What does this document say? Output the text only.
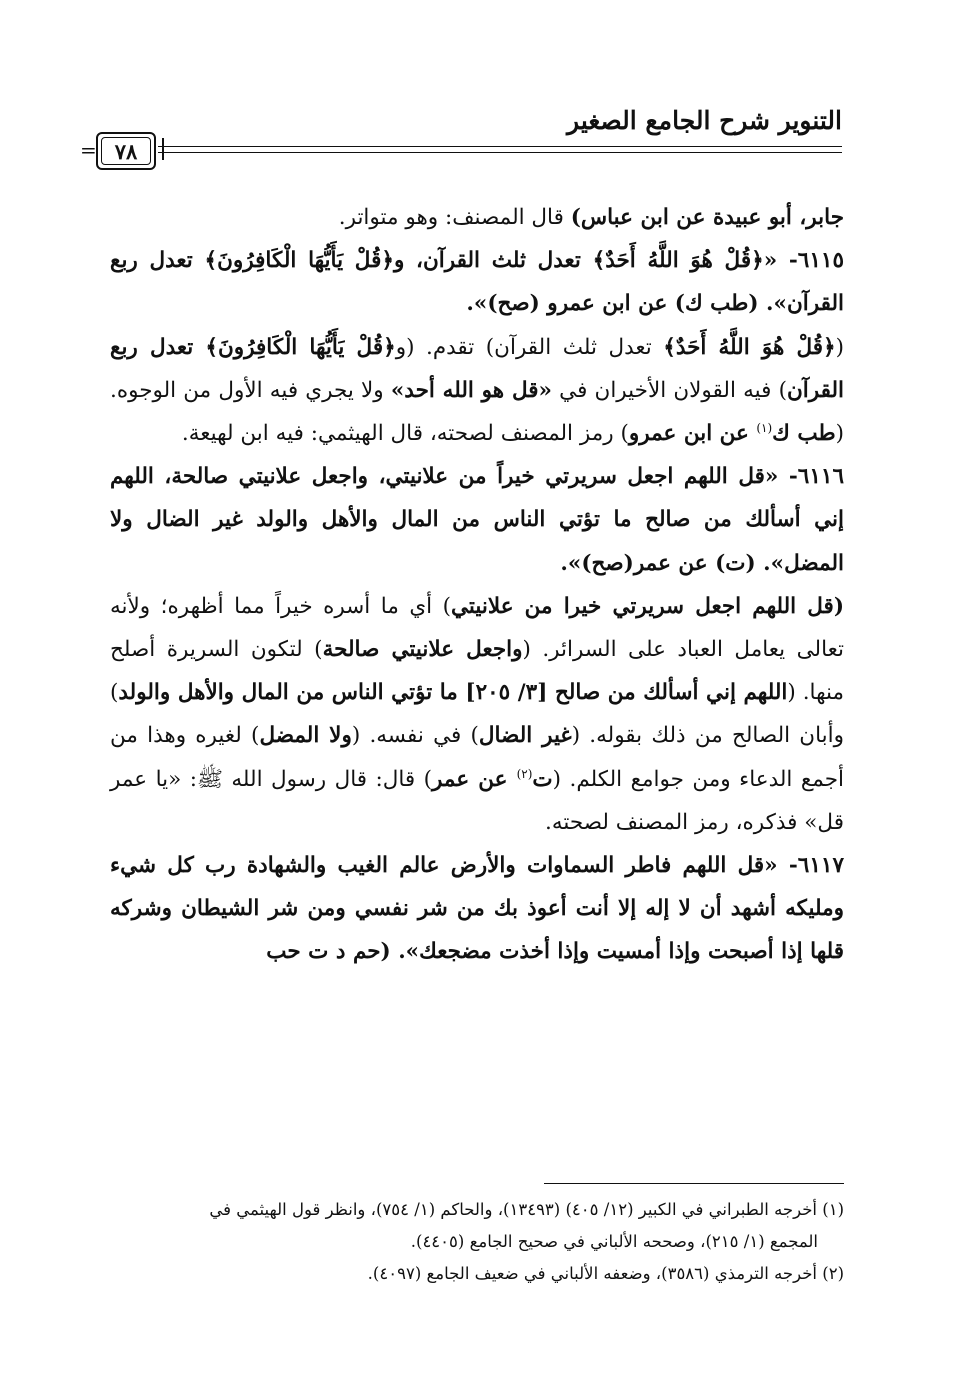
التنوير شرح الجامع الصغير
٧٨
=

جابر، أبو عبيدة عن ابن عباس) قال المصنف: وهو متواتر.

٦١١٥- «﴿قُلْ هُوَ اللَّهُ أَحَدٌ﴾ تعدل ثلث القرآن، و﴿قُلْ يَأَيُّهَا الْكَافِرُونَ﴾ تعدل ربع القرآن». (طب ك) عن ابن عمرو (صح)».

(﴿قُلْ هُوَ اللَّهُ أَحَدٌ﴾ تعدل ثلث القرآن) تقدم. (و﴿قُلْ يَأَيُّهَا الْكَافِرُونَ﴾ تعدل ربع القرآن) فيه القولان الأخيران في «قل هو الله أحد» ولا يجري فيه الأول من الوجوه. (طب ك$^{(١)}$ عن ابن عمرو) رمز المصنف لصحته، قال الهيثمي: فيه ابن لهيعة.

٦١١٦- «قل اللهم اجعل سريرتي خيراً من علانيتي، واجعل علانيتي صالحة، اللهم إني أسألك من صالح ما تؤتي الناس من المال والأهل والولد غير الضال ولا المضل». (ت) عن عمر(صح)».

(قل اللهم اجعل سريرتي خيرا من علانيتي) أي ما أسره خيراً مما أظهره؛ ولأنه تعالى يعامل العباد على السرائر. (واجعل علانيتي صالحة) لتكون السريرة أصلح منها. (اللهم إني أسألك من صالح [٣/ ٢٠٥] ما تؤتي الناس من المال والأهل والولد) وأبان الصالح من ذلك بقوله. (غير الضال) في نفسه. (ولا المضل) لغيره وهذا من أجمع الدعاء ومن جوامع الكلم. (ت$^{(٢)}$ عن عمر) قال: قال رسول الله ﷺ: «يا عمر قل» فذكره، رمز المصنف لصحته.

٦١١٧- «قل اللهم فاطر السماوات والأرض عالم الغيب والشهادة رب كل شيء ومليكه أشهد أن لا إله إلا أنت أعوذ بك من شر نفسي ومن شر الشيطان وشركه قلها إذا أصبحت وإذا أمسيت وإذا أخذت مضجعك». (حم د ت حب

(١) أخرجه الطبراني في الكبير (١٢/ ٤٠٥) (١٣٤٩٣)، والحاكم (١/ ٧٥٤)، وانظر قول الهيثمي في

المجمع (١/ ٢١٥)، وصححه الألباني في صحيح الجامع (٤٤٠٥).

(٢) أخرجه الترمذي (٣٥٨٦)، وضعفه الألباني في ضعيف الجامع (٤٠٩٧).
